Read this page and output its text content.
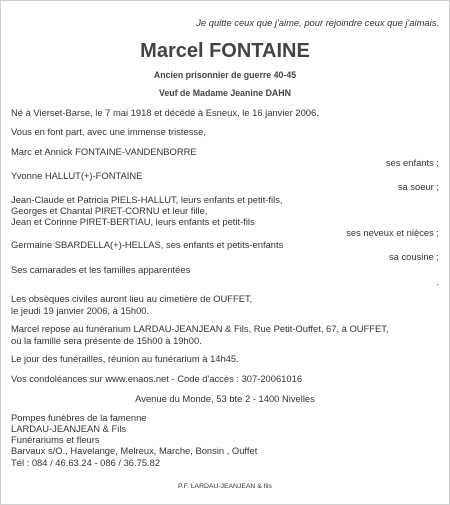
Je quitte ceux que j'aime, pour rejoindre ceux que j'aimais.
Marcel FONTAINE
Ancien prisonnier de guerre 40-45
Veuf de Madame Jeanine DAHN
Né à Vierset-Barse, le 7 mai 1918 et décédé à Esneux, le 16 janvier 2006.
Vous en font part, avec une immense tristesse,
Marc et Annick FONTAINE-VANDENBORRE
ses enfants ;
Yvonne HALLUT(+)-FONTAINE
sa soeur ;
Jean-Claude et Patricia PIELS-HALLUT, leurs enfants et petit-fils,
Georges et Chantal PIRET-CORNU et leur fille,
Jean et Corinne PIRET-BERTIAU, leurs enfants et petit-fils
ses neveux et nièces ;
Germaine SBARDELLA(+)-HELLAS, ses enfants et petits-enfants
sa cousine ;
Ses camarades et les familles apparentées
.
Les obsèques civiles auront lieu au cimetière de OUFFET,
le jeudi 19 janvier 2006, à 15h00.
Marcel repose au funérarium LARDAU-JEANJEAN & Fils, Rue Petit-Ouffet, 67, à OUFFET,
où la famille sera présente de 15h00 à 19h00.
Le jour des funérailles, réunion au funérarium à 14h45.
Vos condoléances sur www.enaos.net - Code d'accès : 307-20061016
Avenue du Monde, 53 bte 2 - 1400 Nivelles
Pompes funèbres de la famenne
LARDAU-JEANJEAN & Fils
Funérariums et fleurs
Barvaux s/O., Havelange, Melreux, Marche, Bonsin , Ouffet
Tél : 084 / 46.63.24 - 086 / 36.75.82
P.F. LARDAU-JEANJEAN & fils
